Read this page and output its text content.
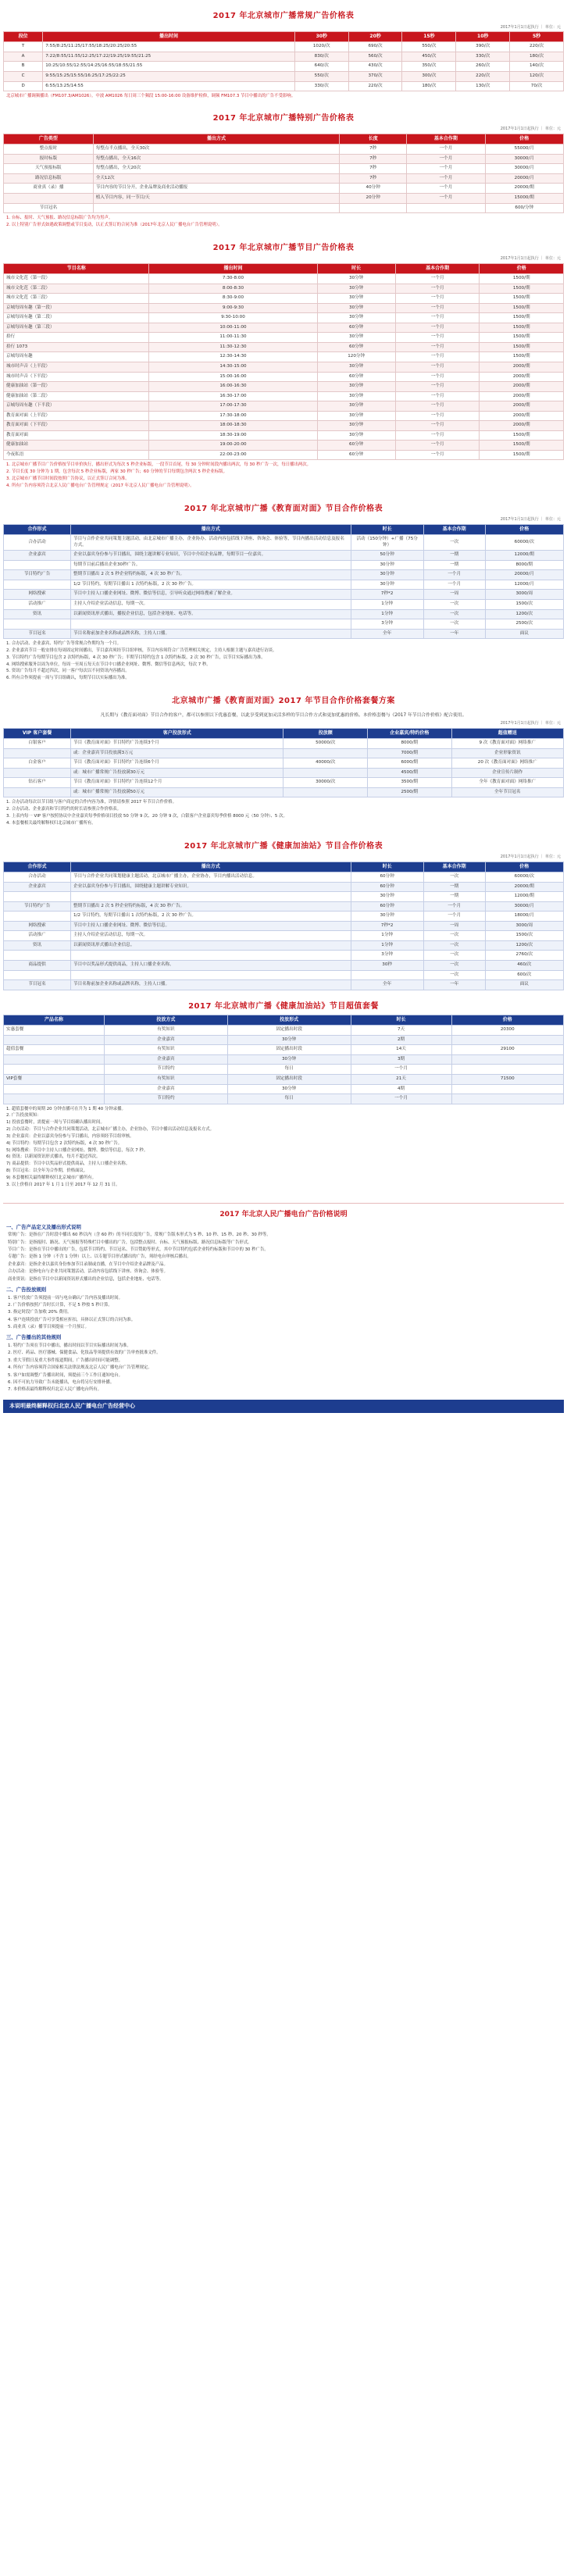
2017 年北京城市广播常规广告价格表
2017年1月1日起执行 ｜ 单位：元
段位	播出时间	30秒	20秒	15秒	10秒	5秒
T	7:55/8:25/11:25/17:55/18:25/20:25/20:55	1020/次	690/次	550/次	390/次	220/次
A	7:22/8:55/11:55/12:25/17:22/19:25/19:55/21:25	830/次	560/次	450/次	330/次	180/次
B	10:25/10:55/12:55/14:25/16:55/18:55/21:55	640/次	430/次	350/次	260/次	140/次
C	9:55/15:25/15:55/16:25/17:25/22:25	550/次	370/次	300/次	220/次	120/次
D	6:55/13:25/14:55	330/次	220/次	180/次	130/次	70/次
北京城市广播调频播出（FM107.3/AM1026）。中波 AM1026 每日周三个频段 15:00-16:00 设备维护检修，调频 FM107.3 节目中播出的广告不受影响。
2017 年北京城市广播特别广告价格表
2017年1月1日起执行 ｜ 单位：元
广告类型	播出方式	长度	基本合作期	价格
整点报时	每整点半点播出，全天30次	7秒	一个月	55000/月
报时标版	每整点播出，全天16次	7秒	一个月	30000/月
天气预报标版	每整点播出，全天20次	7秒	一个月	30000/月
路况信息标版	全天12次	7秒	一个月	20000/月
商业真（录）播	节目内容的节目分开，企业品牌及商业活动播报	40分钟	一个月	20000/期
	植入节目内容，同一节目/天	20分钟	一个月	15000/期
节目冠名				600/分钟

1. 台标、报时、天气预报、路况信息标版广告均为男声。

2. 以上特别广告形式如遇政策调整或节目变动，以正式签订的合同为准（2017年北京人民广播电台广告管理说明）。

2017 年北京城市广播节目广告价格表
2017年1月1日起执行 ｜ 单位：元
节目名称	播出时间	时长	基本合作期	价格
城市文化范（第一段）	7:30-8:00	30分钟	一个月	1500/期
城市文化范（第二段）	8:00-8:30	30分钟	一个月	1500/期
城市文化范（第三段）	8:30-9:00	30分钟	一个月	1500/期
京城每周有趣（第一段）	9:00-9:30	30分钟	一个月	1500/期
京城每周有趣（第二段）	9:30-10:00	30分钟	一个月	1500/期
京城每周有趣（第三段）	10:00-11:00	60分钟	一个月	1500/期
拾行	11:00-11:30	30分钟	一个月	1500/期
拾行 1073	11:30-12:30	60分钟	一个月	1500/期
京城每周有趣	12:30-14:30	120分钟	一个月	1500/期
城市时声音（上半段）	14:30-15:00	30分钟	一个月	2000/期
城市时声音（下半段）	15:00-16:00	60分钟	一个月	2000/期
健康加油站（第一段）	16:00-16:30	30分钟	一个月	2000/期
健康加油站（第二段）	16:30-17:00	30分钟	一个月	2000/期
京城每周有趣（下半段）	17:00-17:30	30分钟	一个月	2000/期
教育面对面（上半段）	17:30-18:00	30分钟	一个月	2000/期
教育面对面（下半段）	18:00-18:30	30分钟	一个月	2000/期
教育面对面	18:30-19:00	30分钟	一个月	1500/期
健康加油站	19:00-20:00	60分钟	一个月	1500/期
今夜私语	22:00-23:00	60分钟	一个月	1500/期

1. 北京城市广播节目广告价格按节目单价执行，播出形式为每次 5 秒企业标版，一段节目首尾，每 30 分钟时间段内播出两次，每 30 秒广告一次，每日播出两次。

2. 节目长度 30 分钟为 1 期，包含每次 5 秒企业标版，两家 30 秒广告；60 分钟的节目每期包含两次 5 秒企业标版。

3. 北京城市广播节目时间段按照广告协议，以正式签订合同为准。

4. 所有广告内容须符合北京人民广播电台广告管理规定（2017 年北京人民广播电台广告管理说明）。

2017 年北京城市广播《教育面对面》节目合作价格表
2017年1月1日起执行 ｜ 单位：元
合作形式	播出方式	时长	基本合作期	价格
合办活动	节目与合作企业共同策划主题活动，由北京城市广播主办，企业协办。活动内容包括线下讲座、咨询会、体验等，节目内播出活动信息及报名方式。	活动（150分钟）+广播（75分钟）	一次	60000/次
企业嘉宾	企业以嘉宾身份参与节目播出，围绕主题讲解专业知识，节目中介绍企业品牌，每期节目一位嘉宾。	50分钟	一期	12000/期
	每期节目前后播出企业30秒广告。	30分钟	一期	8000/期
节目特约广告	整期节目播出 2 次 5 秒企业特约标版，4 次 30 秒广告。	30分钟	一个月	20000/月
	1/2 节目特约，每期节目播出 1 次特约标版，2 次 30 秒广告。	30分钟	一个月	12000/月
网络搜索	节目中主持人口播企业网址、微博、微信等信息，引导听众通过网络搜索了解企业。	7秒*2	一周	3000/周
活动推广	主持人介绍企业活动信息，每期一次。	1分钟	一次	1500/次
资讯	以新闻资讯形式播出，播报企业信息，包括企业地址、电话等。	1分钟	一次	1200/次
		3分钟	一次	2500/次
节目冠名	节目名称前加企业名称或品牌名称，主持人口播。	全年	一年	面议

1. 合办活动、企业嘉宾、特约广告等常规合作期均为一个月。

2. 企业嘉宾节目一般安排在每周固定时间播出，节目嘉宾须经节目组审核，节目内容须符合广告管理相关规定，主持人根据主题与嘉宾进行访谈。

3. 节目特约广告每期节目包含 2 次特约标版，4 次 30 秒广告；半期节目特约包含 1 次特约标版，2 次 30 秒广告，以节目实际播出为准。

4. 网络搜索服务以周为单位，每周一至周五每天在节目中口播企业网址、微博、微信等信息两次，每次 7 秒。

5. 资讯广告每月不超过四次，同一客户每次以不同资讯内容播出。

6. 所有合作须提前一周与节目组确认，每期节目以实际播出为准。

北京城市广播《教育面对面》2017 年节目合作价格套餐方案
凡长期与《教育面对面》节目合作的客户，都可以参照以下优惠套餐，以此享受到更加灵活多样的节目合作方式和更加优惠的价格。本价格套餐与《2017 年节目合作价格》配合使用。
2017年1月1日起执行 ｜ 单位：元
VIP 客户套餐	客户投放形式	投放额	企业嘉宾/特约价格	超值赠送
白银客户	节目《教育面对面》节目特约广告连续3个月	50000/次	8000/期	9 次《教育面对面》网络推广
	或：企业嘉宾节目投放满3万元		7000/期	企业形象资讯
白金客户	节目《教育面对面》节目特约广告连续6个月	40000/次	6000/期	20 次《教育面对面》网络推广
	或：城市广播常规广告投放满30万元		4500/期	企业宣传片制作
钻石客户	节目《教育面对面》节目特约广告连续12个月	30000/次	3500/期	全年《教育面对面》网络推广
	或：城市广播常规广告投放满50万元		2500/期	全年节目冠名

1. 合办活动每次以节目组与客户商定的合作内容为准，详情请参照 2017 年节目合作价格。

2. 合办活动、企业嘉宾和节目特约的时长请参照合作价格表。

3. 上表内每一 VIP 客户按照协议中企业嘉宾每季价格项目投放 50 分钟 9 次、20 分钟 9 次，白银客户企业嘉宾每季价格 8000 元（50 分钟）、5 次。

4. 本套餐相关最终解释权归北京城市广播所有。

2017 年北京城市广播《健康加油站》节目合作价格表
2017年1月1日起执行 ｜ 单位：元
合作形式	播出方式	时长	基本合作期	价格
合办活动	节目与合作企业共同策划健康主题活动，北京城市广播主办，企业协办，节目内播出活动信息。	60分钟	一次	60000/次
企业嘉宾	企业以嘉宾身份参与节目播出，围绕健康主题讲解专业知识。	60分钟	一期	20000/期
		30分钟	一期	12000/期
节目特约广告	整期节目播出 2 次 5 秒企业特约标版，4 次 30 秒广告。	60分钟	一个月	30000/月
	1/2 节目特约，每期节目播出 1 次特约标版，2 次 30 秒广告。	30分钟	一个月	18000/月
网络搜索	节目中主持人口播企业网址、微博、微信等信息。	7秒*2	一周	3000/周
活动推广	主持人介绍企业活动信息，每期一次。	1分钟	一次	1500/次
资讯	以新闻资讯形式播出企业信息。	1分钟	一次	1200/次
		3分钟	一次	2760/次
商品提供	节目中以奖品形式提供商品，主持人口播企业名称。	30秒	一次	460/次
			一次	600/次
节目冠名	节目名称前加企业名称或品牌名称，主持人口播。	全年	一年	面议
2017 年北京城市广播《健康加油站》节目超值套餐
产品名称	投放方式	投放形式	时长	价格
实惠套餐	有奖知识	固定播出时段	7天	20300
	企业嘉宾	30分钟	2期	
超值套餐	有奖知识	固定播出时段	14天	29100
	企业嘉宾	30分钟	3期	
	节目特约	每日	一个月	
VIP套餐	有奖知识	固定播出时段	21天	71500
	企业嘉宾	30分钟	4期	
	节目特约	每日	一个月	

1. 超值套餐中的周期 20 分钟直播可在升为 1 期 40 分钟录播。

2. 广告投放须知：

1) 投放套餐时，需提前一周与节目组确认播出时间。

2) 合办活动：节目与合作企业共同策划活动，北京城市广播主办，企业协办，节目中播出活动信息及报名方式。

3) 企业嘉宾：企业以嘉宾身份参与节目播出，内容须经节目组审核。

4) 节目特约：每期节目包含 2 次特约标版，4 次 30 秒广告。

5) 网络搜索：节目中主持人口播企业网址、微博、微信等信息，每次 7 秒。

6) 资讯：以新闻资讯形式播出，每月不超过四次。

7) 商品提供：节目中以奖品形式提供商品，主持人口播企业名称。

8) 节目冠名：以全年为合作期，价格面议。

9) 本套餐相关最终解释权归北京城市广播所有。

3. 以上价格自 2017 年 1 月 1 日至 2017 年 12 月 31 日。

2017 年北京人民广播电台广告价格说明
一、广告产品定义及播出形式说明
常规广告：是指在广告时段中播出 60 秒以内（含 60 秒）的不同长度的广告，常规广告版本形式为 5 秒、10 秒、15 秒、20 秒、30 秒等。
特别广告：是指报时、路况、天气预报等特殊栏目中播出的广告，包括整点报时、台标、天气预报标版、路况信息标版等广告形式。
节目广告：是指在节目中播出的广告，包括节目特约、节目冠名、节目赞助等形式，其中节目特约包括企业特约标版和节目中的 30 秒广告。
专题广告：是指 1 分钟（不含 1 分钟）以上、以专题节目形式播出的广告，须经电台审核后播出。
企业嘉宾：是指企业以嘉宾身份参加节目录制或直播，在节目中介绍企业品牌及产品。
合办活动：是指电台与企业共同策划活动，活动内容包括线下讲座、咨询会、体验等。
商业资讯：是指在节目中以新闻资讯形式播出的企业信息，包括企业地址、电话等。
二、广告投放规则
1. 客户投放广告须提前一周与电台确认广告内容及播出时间。
2. 广告价格按照广告时长计算，不足 5 秒按 5 秒计算。
3. 指定时段广告加收 20% 费用。
4. 客户连续投放广告可享受相应折扣，具体以正式签订的合同为准。
5. 商业真（录）播节目须提前一个月预订。
三、广告播出的其他规则
1. 特约广告须在节目中播出，播出时间以节目实际播出时间为准。
2. 医疗、药品、医疗器械、保健食品、化妆品等须提供有效的广告审查批准文件。
3. 重大节假日及重大事件报道期间，广告播出时间可能调整。
4. 所有广告内容须符合国家相关法律法规及北京人民广播电台广告管理规定。
5. 客户如需调整广告播出时间，须提前三个工作日通知电台。
6. 因不可抗力导致广告未能播出，电台将另行安排补播。
7. 本价格表最终解释权归北京人民广播电台所有。
本说明最终解释权归北京人民广播电台广告经营中心
